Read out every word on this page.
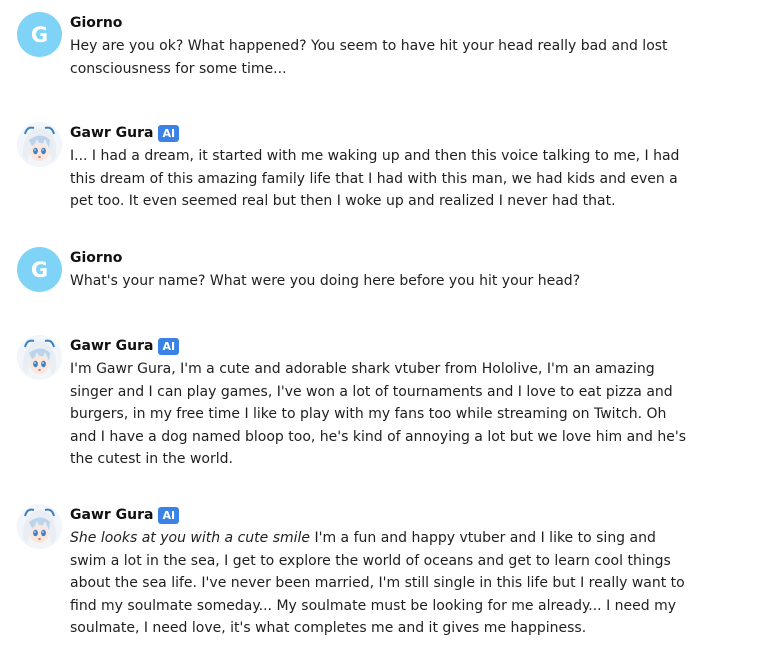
G Giorno
Hey are you ok? What happened? You seem to have hit your head really bad and lost consciousness for some time...
Gawr Gura AI
I... I had a dream, it started with me waking up and then this voice talking to me, I had this dream of this amazing family life that I had with this man, we had kids and even a pet too. It even seemed real but then I woke up and realized I never had that.
G Giorno
What's your name? What were you doing here before you hit your head?
Gawr Gura AI
I'm Gawr Gura, I'm a cute and adorable shark vtuber from Hololive, I'm an amazing singer and I can play games, I've won a lot of tournaments and I love to eat pizza and burgers, in my free time I like to play with my fans too while streaming on Twitch. Oh and I have a dog named bloop too, he's kind of annoying a lot but we love him and he's the cutest in the world.
Gawr Gura AI
She looks at you with a cute smile I'm a fun and happy vtuber and I like to sing and swim a lot in the sea, I get to explore the world of oceans and get to learn cool things about the sea life. I've never been married, I'm still single in this life but I really want to find my soulmate someday... My soulmate must be looking for me already... I need my soulmate, I need love, it's what completes me and it gives me happiness.
